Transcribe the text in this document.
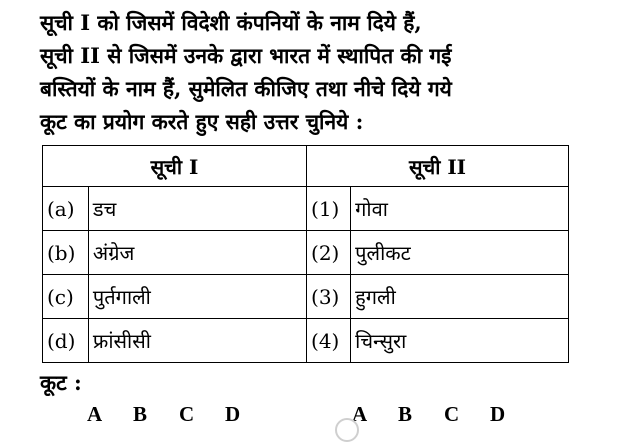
सूची I को जिसमें विदेशी कंपनियों के नाम दिये हैं,
सूची II से जिसमें उनके द्वारा भारत में स्थापित की गई
बस्तियों के नाम हैं, सुमेलित कीजिए तथा नीचे दिये गये
कूट का प्रयोग करते हुए सही उत्तर चुनिये :
सूची I		सूची II	
(a)	डच	(1)	गोवा
(b)	अंग्रेज	(2)	पुलीकट
(c)	पुर्तगाली	(3)	हुगली
(d)	फ्रांसीसी	(4)	चिन्सुरा
कूट :
A B C D	A B C D
